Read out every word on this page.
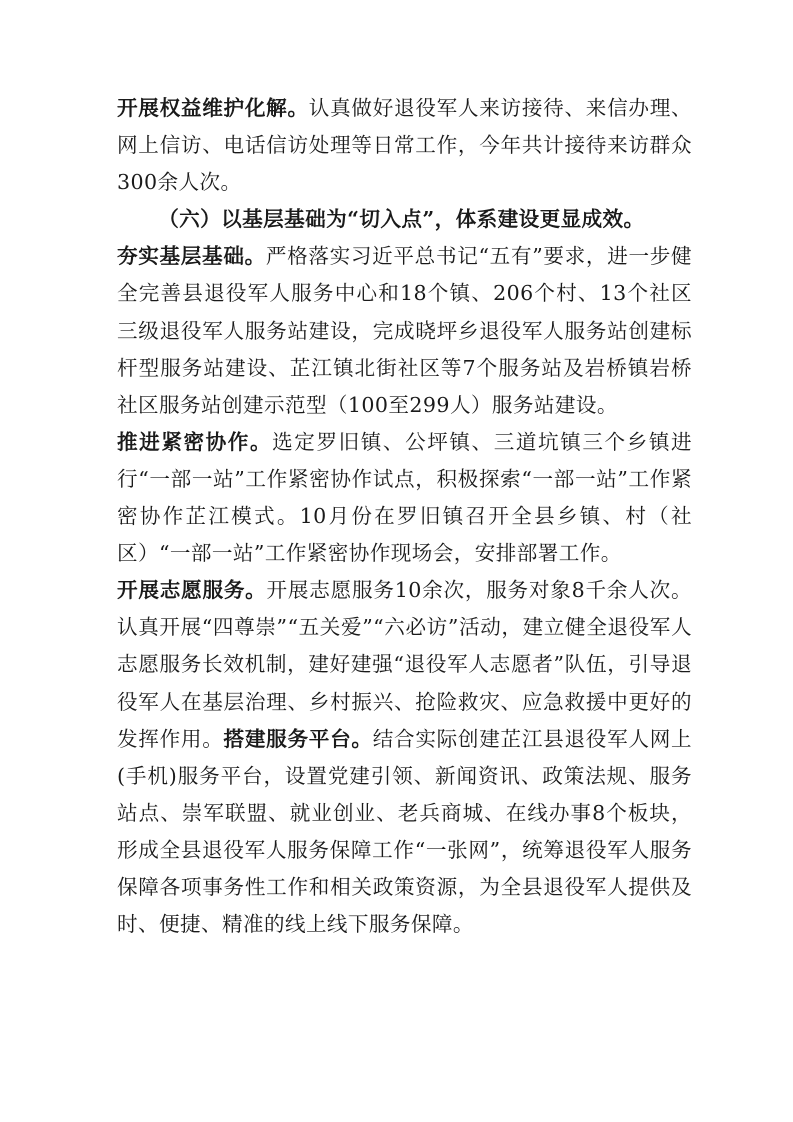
开展权益维护化解。认真做好退役军人来访接待、来信办理、网上信访、电话信访处理等日常工作，今年共计接待来访群众300余人次。

（六）以基层基础为“切入点”，体系建设更显成效。

夯实基层基础。严格落实习近平总书记“五有”要求，进一步健全完善县退役军人服务中心和18个镇、206个村、13个社区三级退役军人服务站建设，完成晓坪乡退役军人服务站创建标杆型服务站建设、芷江镇北街社区等7个服务站及岩桥镇岩桥社区服务站创建示范型（100至299人）服务站建设。
推进紧密协作。选定罗旧镇、公坪镇、三道坑镇三个乡镇进行“一部一站”工作紧密协作试点，积极探索“一部一站”工作紧密协作芷江模式。10月份在罗旧镇召开全县乡镇、村（社区）“一部一站”工作紧密协作现场会，安排部署工作。
开展志愿服务。开展志愿服务10余次，服务对象8千余人次。认真开展“四尊崇”“五关爱”“六必访”活动，建立健全退役军人志愿服务长效机制，建好建强“退役军人志愿者”队伍，引导退役军人在基层治理、乡村振兴、抢险救灾、应急救援中更好的发挥作用。搭建服务平台。结合实际创建芷江县退役军人网上(手机)服务平台，设置党建引领、新闻资讯、政策法规、服务站点、崇军联盟、就业创业、老兵商城、在线办事8个板块，形成全县退役军人服务保障工作“一张网”，统筹退役军人服务保障各项事务性工作和相关政策资源，为全县退役军人提供及时、便捷、精准的线上线下服务保障。
